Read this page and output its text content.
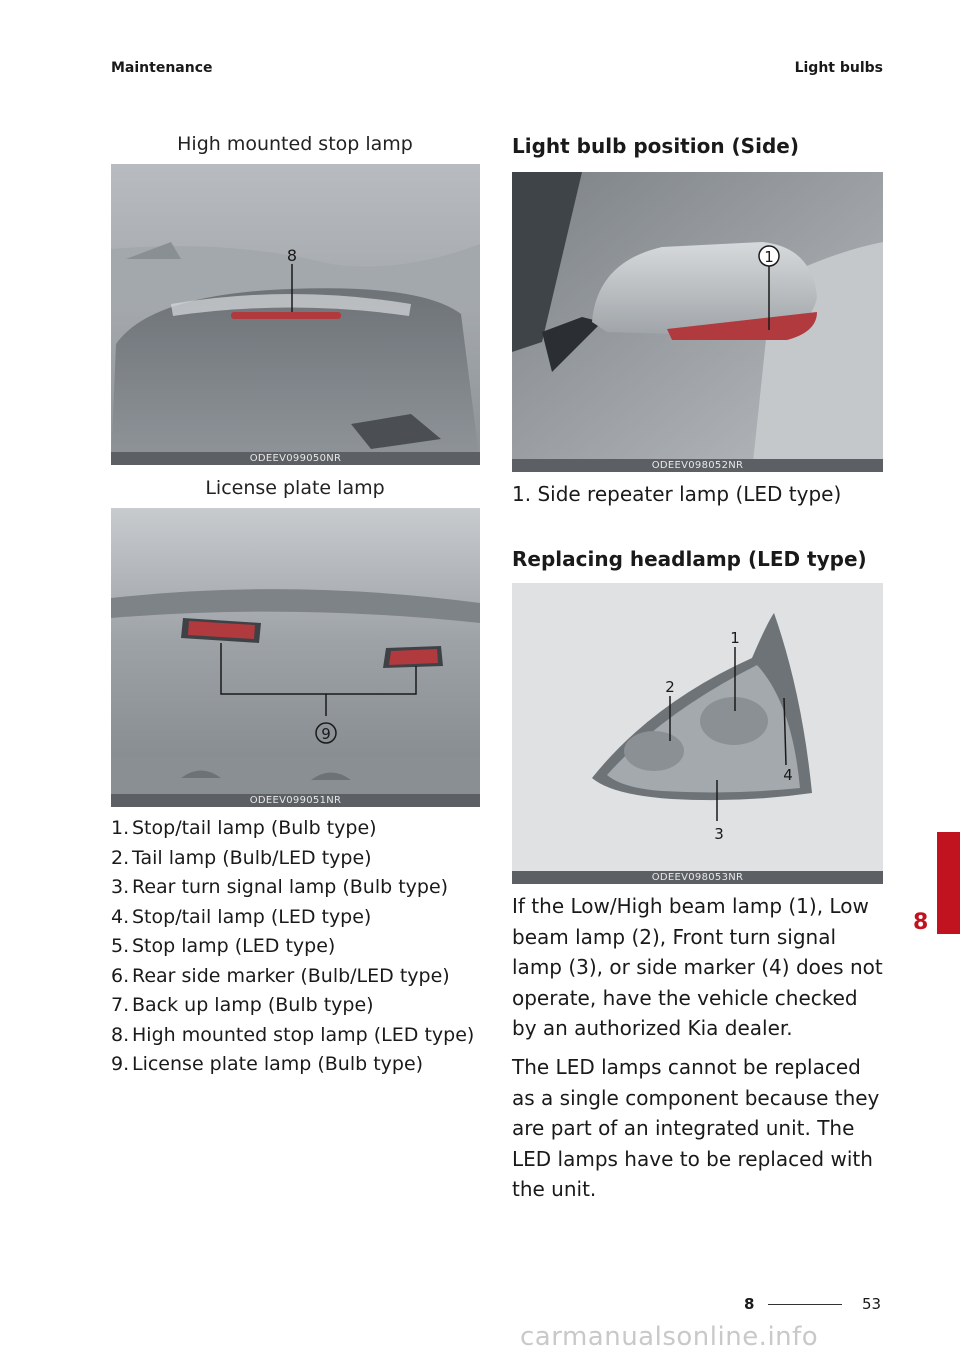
Maintenance	Light bulbs
High mounted stop lamp
8
ODEEV099050NR
License plate lamp
9
ODEEV099051NR
1. Stop/tail lamp (Bulb type)
2. Tail lamp (Bulb/LED type)
3. Rear turn signal lamp (Bulb type)
4. Stop/tail lamp (LED type)
5. Stop lamp (LED type)
6. Rear side marker (Bulb/LED type)
7. Back up lamp (Bulb type)
8. High mounted stop lamp (LED type)
9. License plate lamp (Bulb type)
Light bulb position (Side)
1
ODEEV098052NR
1. Side repeater lamp (LED type)
Replacing headlamp (LED type)
1
2
3
4
ODEEV098053NR

If the Low/High beam lamp (1), Low beam lamp (2), Front turn signal lamp (3), or side marker (4) does not operate, have the vehicle checked by an authorized Kia dealer.

The LED lamps cannot be replaced as a single component because they are part of an integrated unit. The LED lamps have to be replaced with the unit.

8
8	53
carmanualsonline.info
